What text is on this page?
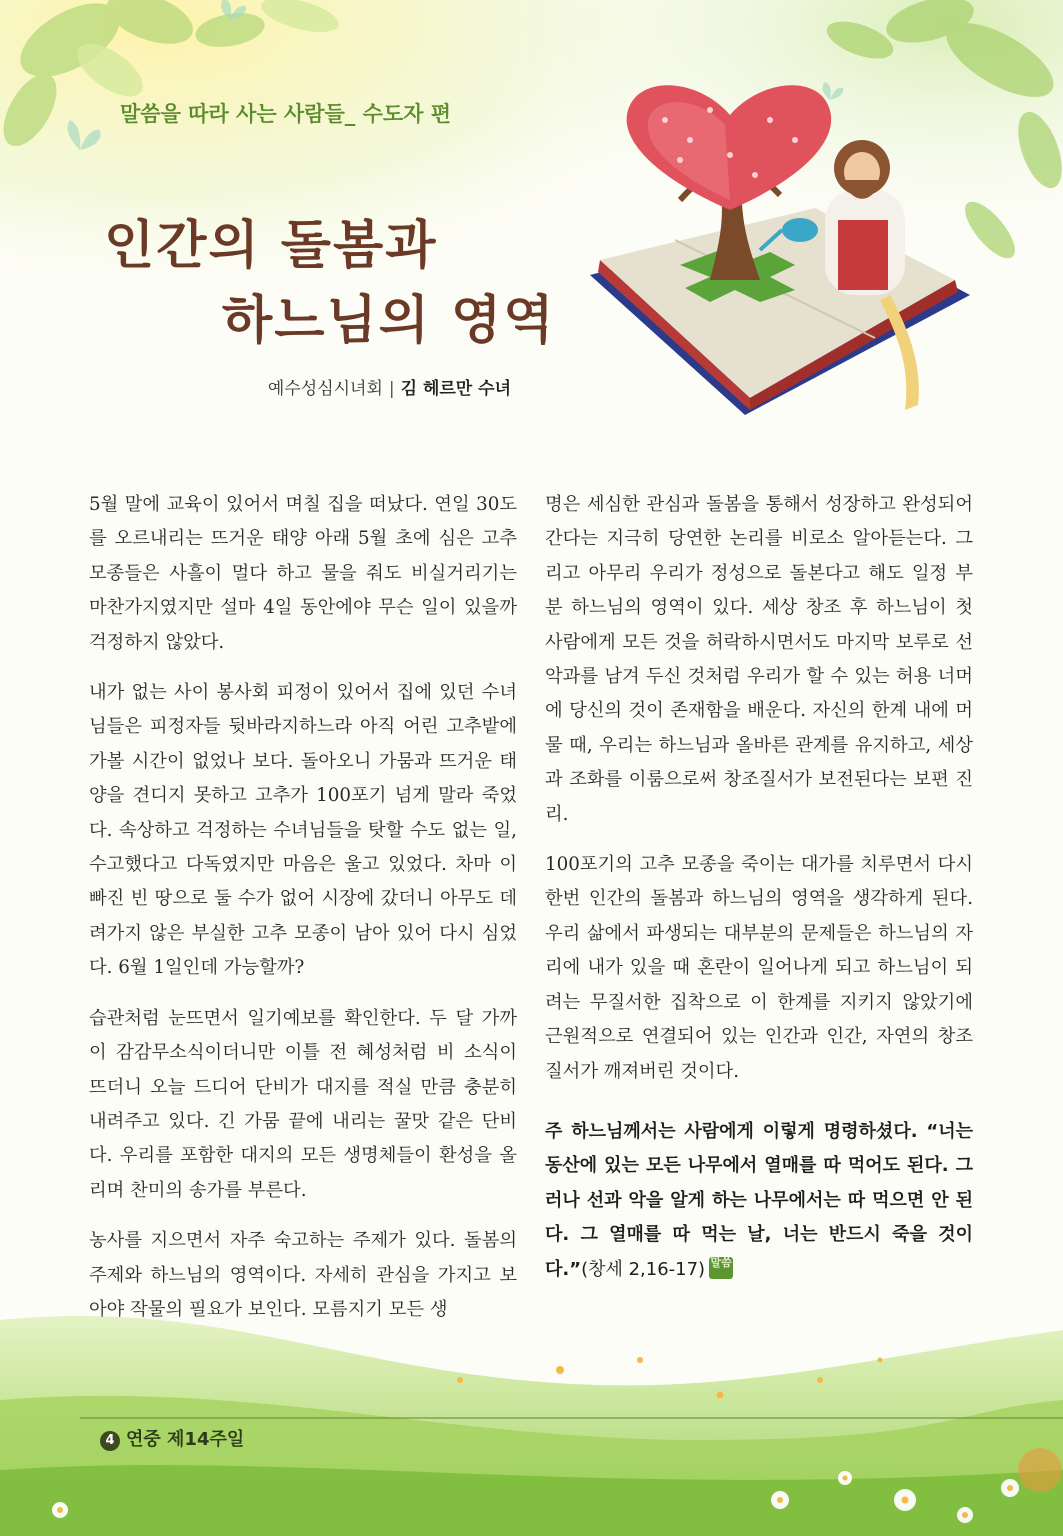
말씀을 따라 사는 사람들_ 수도자 편
인간의 돌봄과
하느님의 영역
예수성심시녀회 | 김 헤르만 수녀

5월 말에 교육이 있어서 며칠 집을 떠났다. 연일 30도를 오르내리는 뜨거운 태양 아래 5월 초에 심은 고추 모종들은 사흘이 멀다 하고 물을 줘도 비실거리기는 마찬가지였지만 설마 4일 동안에야 무슨 일이 있을까 걱정하지 않았다.

내가 없는 사이 봉사회 피정이 있어서 집에 있던 수녀님들은 피정자들 뒷바라지하느라 아직 어린 고추밭에 가볼 시간이 없었나 보다. 돌아오니 가뭄과 뜨거운 태양을 견디지 못하고 고추가 100포기 넘게 말라 죽었다. 속상하고 걱정하는 수녀님들을 탓할 수도 없는 일, 수고했다고 다독였지만 마음은 울고 있었다. 차마 이 빠진 빈 땅으로 둘 수가 없어 시장에 갔더니 아무도 데려가지 않은 부실한 고추 모종이 남아 있어 다시 심었다. 6월 1일인데 가능할까?

습관처럼 눈뜨면서 일기예보를 확인한다. 두 달 가까이 감감무소식이더니만 이틀 전 혜성처럼 비 소식이 뜨더니 오늘 드디어 단비가 대지를 적실 만큼 충분히 내려주고 있다. 긴 가뭄 끝에 내리는 꿀맛 같은 단비다. 우리를 포함한 대지의 모든 생명체들이 환성을 올리며 찬미의 송가를 부른다.

농사를 지으면서 자주 숙고하는 주제가 있다. 돌봄의 주제와 하느님의 영역이다. 자세히 관심을 가지고 보아야 작물의 필요가 보인다. 모름지기 모든 생

명은 세심한 관심과 돌봄을 통해서 성장하고 완성되어 간다는 지극히 당연한 논리를 비로소 알아듣는다. 그리고 아무리 우리가 정성으로 돌본다고 해도 일정 부분 하느님의 영역이 있다. 세상 창조 후 하느님이 첫 사람에게 모든 것을 허락하시면서도 마지막 보루로 선악과를 남겨 두신 것처럼 우리가 할 수 있는 허용 너머에 당신의 것이 존재함을 배운다. 자신의 한계 내에 머물 때, 우리는 하느님과 올바른 관계를 유지하고, 세상과 조화를 이룸으로써 창조질서가 보전된다는 보편 진리.

100포기의 고추 모종을 죽이는 대가를 치루면서 다시 한번 인간의 돌봄과 하느님의 영역을 생각하게 된다. 우리 삶에서 파생되는 대부분의 문제들은 하느님의 자리에 내가 있을 때 혼란이 일어나게 되고 하느님이 되려는 무질서한 집착으로 이 한계를 지키지 않았기에 근원적으로 연결되어 있는 인간과 인간, 자연의 창조질서가 깨져버린 것이다.

주 하느님께서는 사람에게 이렇게 명령하셨다. “너는 동산에 있는 모든 나무에서 열매를 따 먹어도 된다. 그러나 선과 악을 알게 하는 나무에서는 따 먹으면 안 된다. 그 열매를 따 먹는 날, 너는 반드시 죽을 것이다.”(창세 2,16-17) 말씀

4 연중 제14주일
